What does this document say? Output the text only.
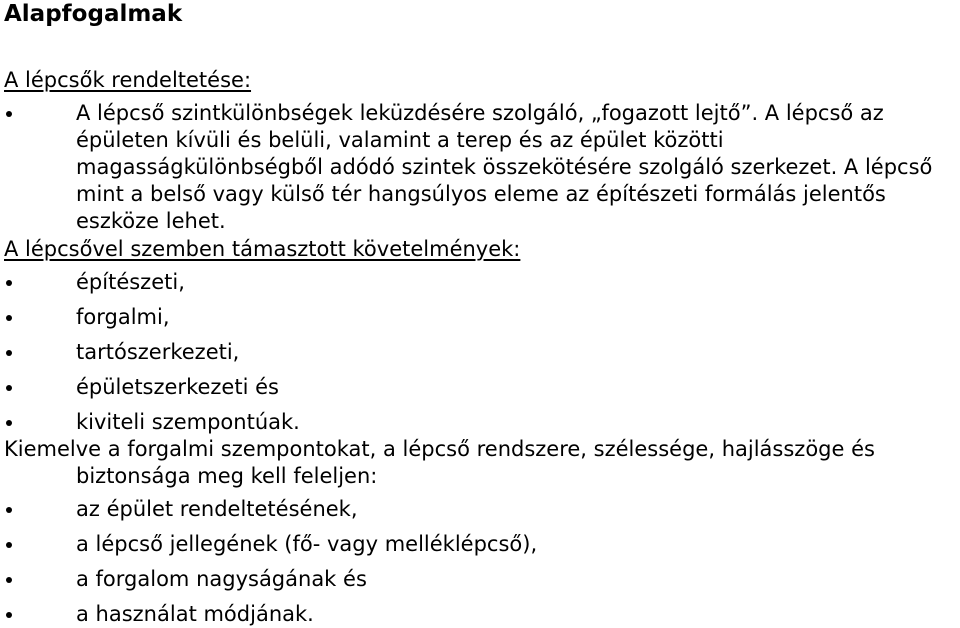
Alapfogalmak
A lépcsők rendeltetése:
A lépcső szintkülönbségek leküzdésére szolgáló, „fogazott lejtő”. A lépcső az épületen kívüli és belüli, valamint a terep és az épület közötti magasságkülönbségből adódó szintek összekötésére szolgáló szerkezet. A lépcső mint a belső vagy külső tér hangsúlyos eleme az építészeti formálás jelentős eszköze lehet.
A lépcsővel szemben támasztott követelmények:
építészeti,
forgalmi,
tartószerkezeti,
épületszerkezeti és
kiviteli szempontúak.
Kiemelve a forgalmi szempontokat, a lépcső rendszere, szélessége, hajlásszöge és biztonsága meg kell feleljen:
az épület rendeltetésének,
a lépcső jellegének (fő- vagy melléklépcső),
a forgalom nagyságának és
a használat módjának.
